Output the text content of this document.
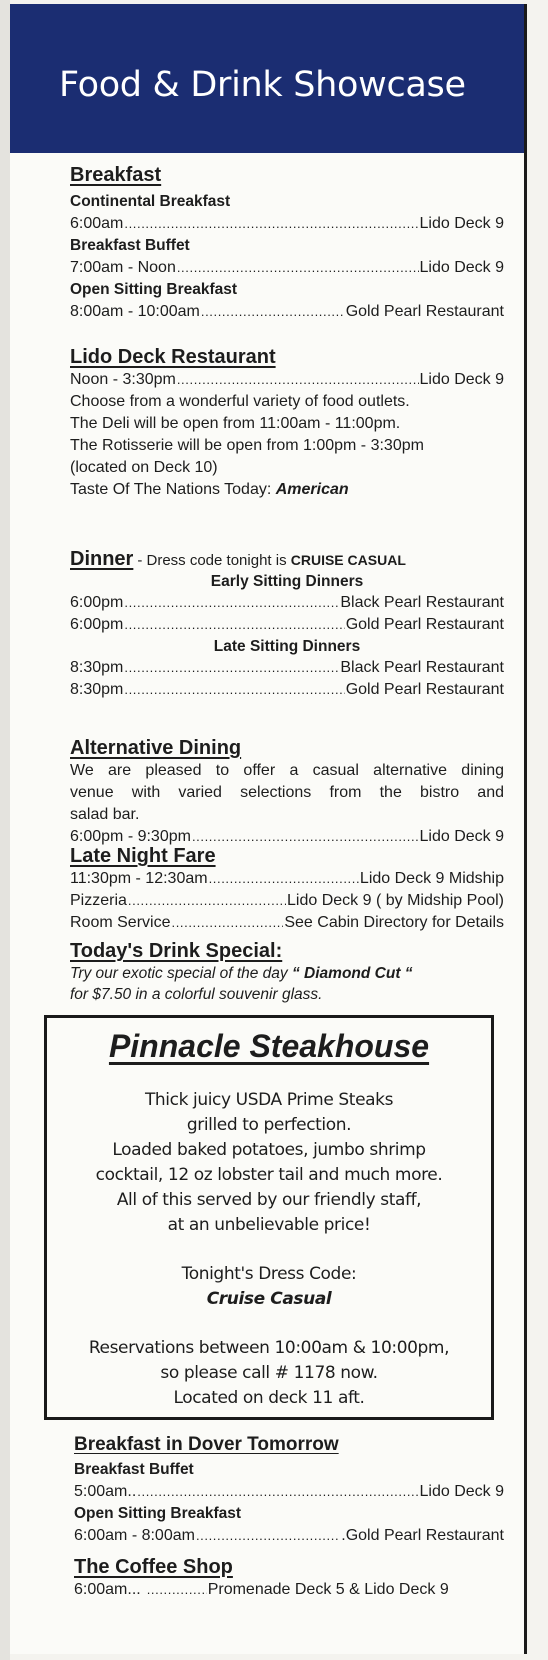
Food & Drink Showcase
Breakfast
Continental Breakfast
6:00am .....	Lido Deck 9
Breakfast Buffet
7:00am - Noon .....	Lido Deck 9
Open Sitting Breakfast
8:00am - 10:00am .....	Gold Pearl Restaurant
Lido Deck Restaurant
Noon - 3:30pm .....	Lido Deck 9

Choose from a wonderful variety of food outlets.

The Deli will be open from 11:00am - 11:00pm.

The Rotisserie will be open from 1:00pm - 3:30pm

(located on Deck 10)

Taste Of The Nations Today: American

Dinner - Dress code tonight is CRUISE CASUAL
Early Sitting Dinners
6:00pm .....	Black Pearl Restaurant
6:00pm .....	Gold Pearl Restaurant
Late Sitting Dinners
8:30pm .....	Black Pearl Restaurant
8:30pm .....	Gold Pearl Restaurant
Alternative Dining

We are pleased to offer a casual alternative dining

venue with varied selections from the bistro and

salad bar.

6:00pm - 9:30pm .....	Lido Deck 9
Late Night Fare
11:30pm - 12:30am .....	Lido Deck 9 Midship
Pizzeria .....	Lido Deck 9 ( by Midship Pool)
Room Service .....	See Cabin Directory for Details
Today's Drink Special:

Try our exotic special of the day “ Diamond Cut “

for $7.50 in a colorful souvenir glass.

Pinnacle Steakhouse

Thick juicy USDA Prime Steaks

grilled to perfection.

Loaded baked potatoes, jumbo shrimp

cocktail, 12 oz lobster tail and much more.

All of this served by our friendly staff,

at an unbelievable price!

Tonight's Dress Code:

Cruise Casual

Reservations between 10:00am & 10:00pm,

so please call # 1178 now.

Located on deck 11 aft.

Breakfast in Dover Tomorrow
Breakfast Buffet
5:00am.. .....	Lido Deck 9
Open Sitting Breakfast
6:00am - 8:00am .....	.Gold Pearl Restaurant
The Coffee Shop
6:00am... .....	Promenade Deck 5 & Lido Deck 9
